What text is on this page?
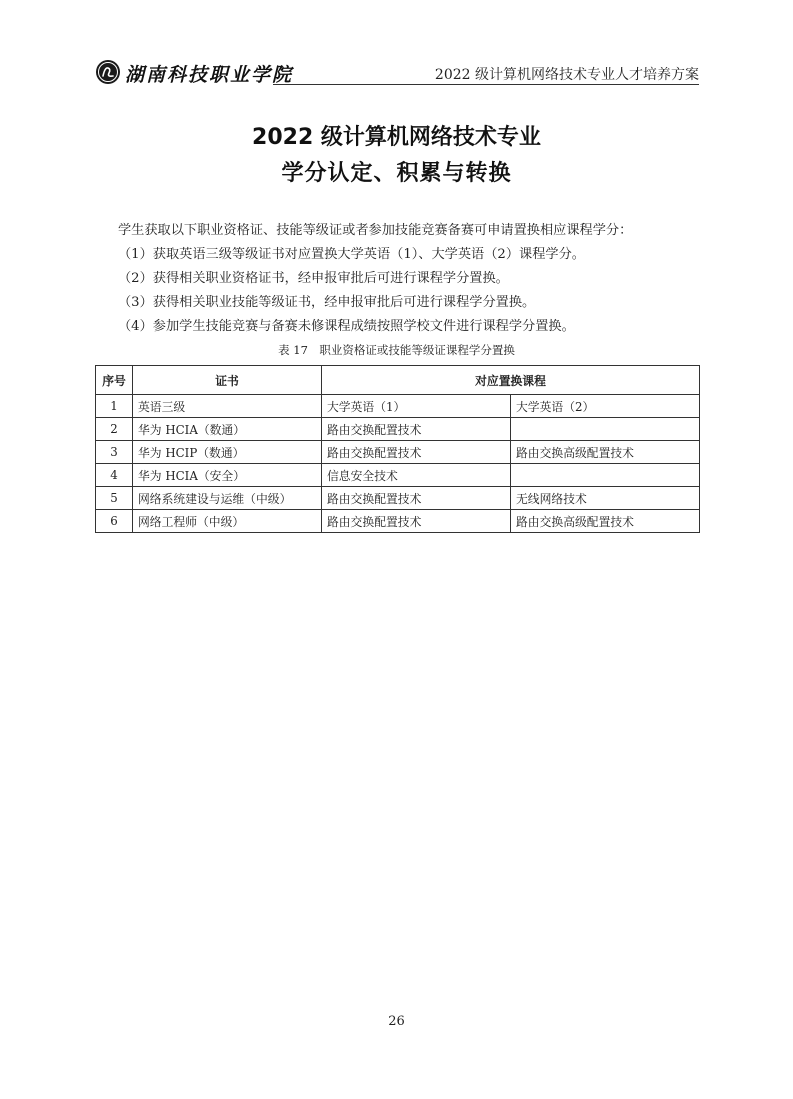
湖南科技职业学院	2022 级计算机网络技术专业人才培养方案
2022 级计算机网络技术专业
学分认定、积累与转换
学生获取以下职业资格证、技能等级证或者参加技能竞赛备赛可申请置换相应课程学分：
（1）获取英语三级等级证书对应置换大学英语（1）、大学英语（2）课程学分。
（2）获得相关职业资格证书，经申报审批后可进行课程学分置换。
（3）获得相关职业技能等级证书，经申报审批后可进行课程学分置换。
（4）参加学生技能竞赛与备赛未修课程成绩按照学校文件进行课程学分置换。
表 17　职业资格证或技能等级证课程学分置换
序号	证书	对应置换课程	
1	英语三级	大学英语（1）	大学英语（2）
2	华为 HCIA（数通）	路由交换配置技术	
3	华为 HCIP（数通）	路由交换配置技术	路由交换高级配置技术
4	华为 HCIA（安全）	信息安全技术	
5	网络系统建设与运维（中级）	路由交换配置技术	无线网络技术
6	网络工程师（中级）	路由交换配置技术	路由交换高级配置技术
26
